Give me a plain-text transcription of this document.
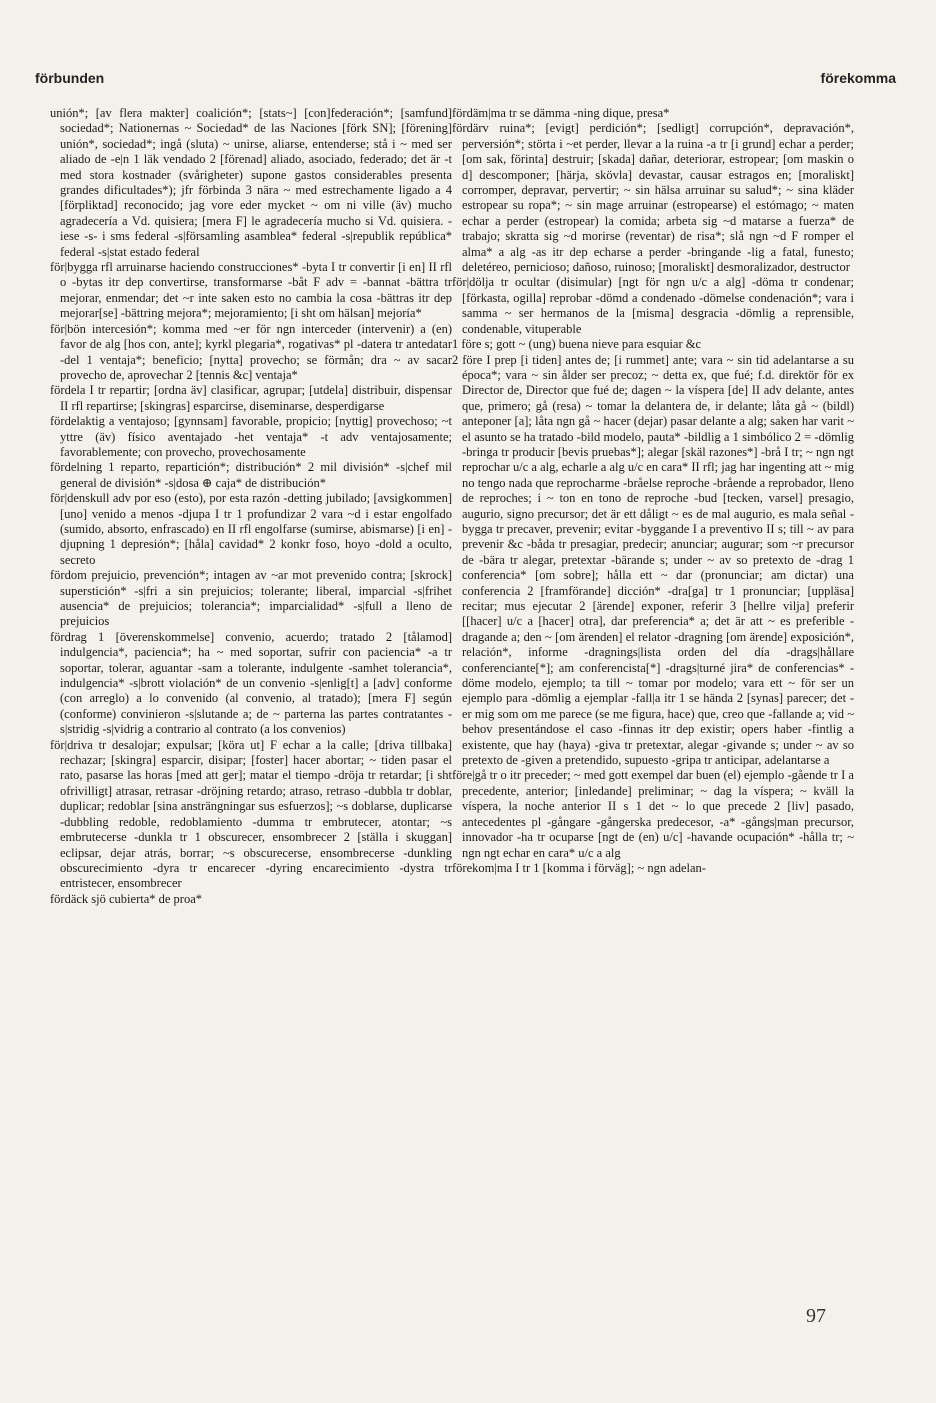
förbunden	förekomma

unión*; [av flera makter] coalición*; [stats~] [con]federación*; [samfund] sociedad*; Nationernas ~ Sociedad* de las Naciones [förk SN]; [förening] unión*, sociedad*; ingå (sluta) ~ unirse, aliarse, entenderse; stå i ~ med ser aliado de -e|n 1 läk vendado 2 [förenad] aliado, asociado, federado; det är -t med stora kostnader (svårigheter) supone gastos considerables presenta grandes dificultades*); jfr förbinda 3 nära ~ med estrechamente ligado a 4 [förpliktad] reconocido; jag vore eder mycket ~ om ni ville (äv) mucho agradecería a Vd. quisiera; [mera F] le agradecería mucho si Vd. quisiera. -iese -s- i sms federal -s|församling asamblea* federal -s|republik república* federal -s|stat estado federal

för|bygga rfl arruinarse haciendo construcciones* -byta I tr convertir [i en] II rfl o -bytas itr dep convertirse, transformarse -båt F adv = -bannat -bättra tr mejorar, enmendar; det ~r inte saken esto no cambia la cosa -bättras itr dep mejorar[se] -bättring mejora*; mejoramiento; [i sht om hälsan] mejoría*

för|bön intercesión*; komma med ~er för ngn interceder (intervenir) a (en) favor de alg [hos con, ante]; kyrkl plegaria*, rogativas* pl -datera tr antedatar -del 1 ventaja*; beneficio; [nytta] provecho; se förmån; dra ~ av sacar provecho de, aprovechar 2 [tennis &c] ventaja*

fördela I tr repartir; [ordna äv] clasificar, agrupar; [utdela] distribuir, dispensar II rfl repartirse; [skingras] esparcirse, diseminarse, desperdigarse

fördelaktig a ventajoso; [gynnsam] favorable, propicio; [nyttig] provechoso; ~t yttre (äv) físico aventajado -het ventaja* -t adv ventajosamente; favorablemente; con provecho, provechosamente

fördelning 1 reparto, repartición*; distribución* 2 mil división* -s|chef mil general de división* -s|dosa ⊕ caja* de distribución*

för|denskull adv por eso (esto), por esta razón -detting jubilado; [avsigkommen] [uno] venido a menos -djupa I tr 1 profundizar 2 vara ~d i estar engolfado (sumido, absorto, enfrascado) en II rfl engolfarse (sumirse, abismarse) [i en] -djupning 1 depresión*; [håla] cavidad* 2 konkr foso, hoyo -dold a oculto, secreto

fördom prejuicio, prevención*; intagen av ~ar mot prevenido contra; [skrock] superstición* -s|fri a sin prejuicios; tolerante; liberal, imparcial -s|frihet ausencia* de prejuicios; tolerancia*; imparcialidad* -s|full a lleno de prejuicios

fördrag 1 [överenskommelse] convenio, acuerdo; tratado 2 [tålamod] indulgencia*, paciencia*; ha ~ med soportar, sufrir con paciencia* -a tr soportar, tolerar, aguantar -sam a tolerante, indulgente -samhet tolerancia*, indulgencia* -s|brott violación* de un convenio -s|enlig[t] a [adv] conforme (con arreglo) a lo convenido (al convenio, al tratado); [mera F] según (conforme) convinieron -s|slutande a; de ~ parterna las partes contratantes -s|stridig -s|vidrig a contrario al contrato (a los convenios)

för|driva tr desalojar; expulsar; [köra ut] F echar a la calle; [driva tillbaka] rechazar; [skingra] esparcir, disipar; [foster] hacer abortar; ~ tiden pasar el rato, pasarse las horas [med att ger]; matar el tiempo -dröja tr retardar; [i sht ofrivilligt] atrasar, retrasar -dröjning retardo; atraso, retraso -dubbla tr doblar, duplicar; redoblar [sina ansträngningar sus esfuerzos]; ~s doblarse, duplicarse -dubbling redoble, redoblamiento -dumma tr embrutecer, atontar; ~s embrutecerse -dunkla tr 1 obscurecer, ensombrecer 2 [ställa i skuggan] eclipsar, dejar atrás, borrar; ~s obscurecerse, ensombrecerse -dunkling obscurecimiento -dyra tr encarecer -dyring encarecimiento -dystra tr entristecer, ensombrecer

fördäck sjö cubierta* de proa*

fördäm|ma tr se dämma -ning dique, presa*

fördärv ruina*; [evigt] perdición*; [sedligt] corrupción*, depravación*, perversión*; störta i ~et perder, llevar a la ruina -a tr [i grund] echar a perder; [om sak, förinta] destruir; [skada] dañar, deteriorar, estropear; [om maskin o d] descomponer; [härja, skövla] devastar, causar estragos en; [moraliskt] corromper, depravar, pervertir; ~ sin hälsa arruinar su salud*; ~ sina kläder estropear su ropa*; ~ sin mage arruinar (estropearse) el estómago; ~ maten echar a perder (estropear) la comida; arbeta sig ~d matarse a fuerza* de trabajo; skratta sig ~d morirse (reventar) de risa*; slå ngn ~d F romper el alma* a alg -as itr dep echarse a perder -bringande -lig a fatal, funesto; deletéreo, pernicioso; dañoso, ruinoso; [moraliskt] desmoralizador, destructor

för|dölja tr ocultar (disimular) [ngt för ngn u/c a alg] -döma tr condenar; [förkasta, ogilla] reprobar -dömd a condenado -dömelse condenación*; vara i samma ~ ser hermanos de la [misma] desgracia -dömlig a reprensible, condenable, vituperable

1 före s; gott ~ (ung) buena nieve para esquiar &c

2 före I prep [i tiden] antes de; [i rummet] ante; vara ~ sin tid adelantarse a su época*; vara ~ sin ålder ser precoz; ~ detta ex, que fué; f.d. direktör för ex Director de, Director que fué de; dagen ~ la víspera [de] II adv delante, antes que, primero; gå (resa) ~ tomar la delantera de, ir delante; låta gå ~ (bildl) anteponer [a]; låta ngn gå ~ hacer (dejar) pasar delante a alg; saken har varit ~ el asunto se ha tratado -bild modelo, pauta* -bildlig a 1 simbólico 2 = -dömlig -bringa tr producir [bevis pruebas*]; alegar [skäl razones*] -brå I tr; ~ ngn ngt reprochar u/c a alg, echarle a alg u/c en cara* II rfl; jag har ingenting att ~ mig no tengo nada que reprocharme -bråelse reproche -brående a reprobador, lleno de reproches; i ~ ton en tono de reproche -bud [tecken, varsel] presagio, augurio, signo precursor; det är ett dåligt ~ es de mal augurio, es mala señal -bygga tr precaver, prevenir; evitar -byggande I a preventivo II s; till ~ av para prevenir &c -båda tr presagiar, predecir; anunciar; augurar; som ~r precursor de -bära tr alegar, pretextar -bärande s; under ~ av so pretexto de -drag 1 conferencia* [om sobre]; hålla ett ~ dar (pronunciar; am dictar) una conferencia 2 [framförande] dicción* -dra[ga] tr 1 pronunciar; [uppläsa] recitar; mus ejecutar 2 [ärende] exponer, referir 3 [hellre vilja] preferir [[hacer] u/c a [hacer] otra], dar preferencia* a; det är att ~ es preferible -dragande a; den ~ [om ärenden] el relator -dragning [om ärende] exposición*, relación*, informe -dragnings|lista orden del día -drags|hållare conferenciante[*]; am conferencista[*] -drags|turné jira* de conferencias* -döme modelo, ejemplo; ta till ~ tomar por modelo; vara ett ~ för ser un ejemplo para -dömlig a ejemplar -fall|a itr 1 se hända 2 [synas] parecer; det -er mig som om me parece (se me figura, hace) que, creo que -fallande a; vid ~ behov presentándose el caso -finnas itr dep existir; opers haber -fintlig a existente, que hay (haya) -giva tr pretextar, alegar -givande s; under ~ av so pretexto de -given a pretendido, supuesto -gripa tr anticipar, adelantarse a

före|gå tr o itr preceder; ~ med gott exempel dar buen (el) ejemplo -gående tr I a precedente, anterior; [inledande] preliminar; ~ dag la víspera; ~ kväll la víspera, la noche anterior II s 1 det ~ lo que precede 2 [liv] pasado, antecedentes pl -gångare -gångerska predecesor, -a* -gångs|man precursor, innovador -ha tr ocuparse [ngt de (en) u/c] -havande ocupación* -hålla tr; ~ ngn ngt echar en cara* u/c a alg

förekom|ma I tr 1 [komma i förväg]; ~ ngn adelan-

97
